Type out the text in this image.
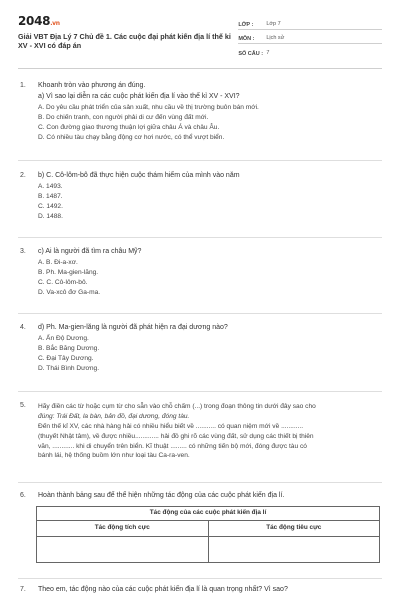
2048.vn
Giải VBT Địa Lý 7 Chủ đề 1. Các cuộc đại phát kiến địa lí thế kỉ XV - XVI có đáp án
LỚP :	Lớp 7
MÔN :	Lịch sử
SỐ CÂU : 7
1. Khoanh tròn vào phương án đúng.
a) Vì sao lại diễn ra các cuộc phát kiến địa lí vào thế kỉ XV - XVI?
A. Do yêu cầu phát triển của sản xuất, nhu cầu về thị trường buôn bán mới.
B. Do chiến tranh, con người phải di cư đến vùng đất mới.
C. Con đường giao thương thuận lợi giữa châu Á và châu Âu.
D. Có nhiều tàu chạy bằng động cơ hơi nước, có thể vượt biển.
2. b) C. Cô-lôm-bô đã thực hiện cuộc thám hiểm của mình vào năm
A. 1493.
B. 1487.
C. 1492.
D. 1488.
3. c) Ai là người đã tìm ra châu Mỹ?
A. B. Đi-a-xơ.
B. Ph. Ma-gien-lăng.
C. C. Cô-lôm-bô.
D. Va-xcô đơ Ga-ma.
4. d) Ph. Ma-gien-lăng là người đã phát hiện ra đại dương nào?
A. Ấn Độ Dương.
B. Bắc Băng Dương.
C. Đại Tây Dương.
D. Thái Bình Dương.
5. Hãy điền các từ hoặc cụm từ cho sẵn vào chỗ chấm (...) trong đoạn thông tin dưới đây sao cho
đúng: Trái Đất, la bàn, bản đồ, đại dương, đóng tàu.
Đến thế kỉ XV, các nhà hàng hải có nhiều hiểu biết về ........... có quan niệm mới về ............
(thuyết Nhật tâm), về được nhiều............. hải đồ ghi rõ các vùng đất, sử dụng các thiết bị thiên
văn, ............ khi di chuyển trên biển. Kĩ thuật ......... có những tiến bộ mới, đóng được tàu có
bánh lái, hệ thống buồm lớn như loại tàu Ca-ra-ven.
6. Hoàn thành bảng sau để thể hiện những tác động của các cuộc phát kiến địa lí.
Tác động của các cuộc phát kiến địa lí	
Tác động tích cực	Tác động tiêu cực

7. Theo em, tác động nào của các cuộc phát kiến địa lí là quan trọng nhất? Vì sao?
